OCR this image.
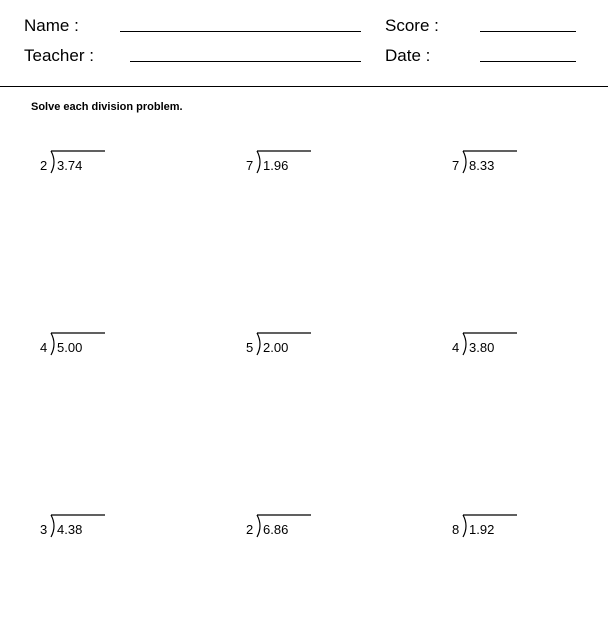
Name :	Score :
Teacher :	Date :
Solve each division problem.
2 3.74	7 1.96	7 8.33
4 5.00	5 2.00	4 3.80
3 4.38	2 6.86	8 1.92
